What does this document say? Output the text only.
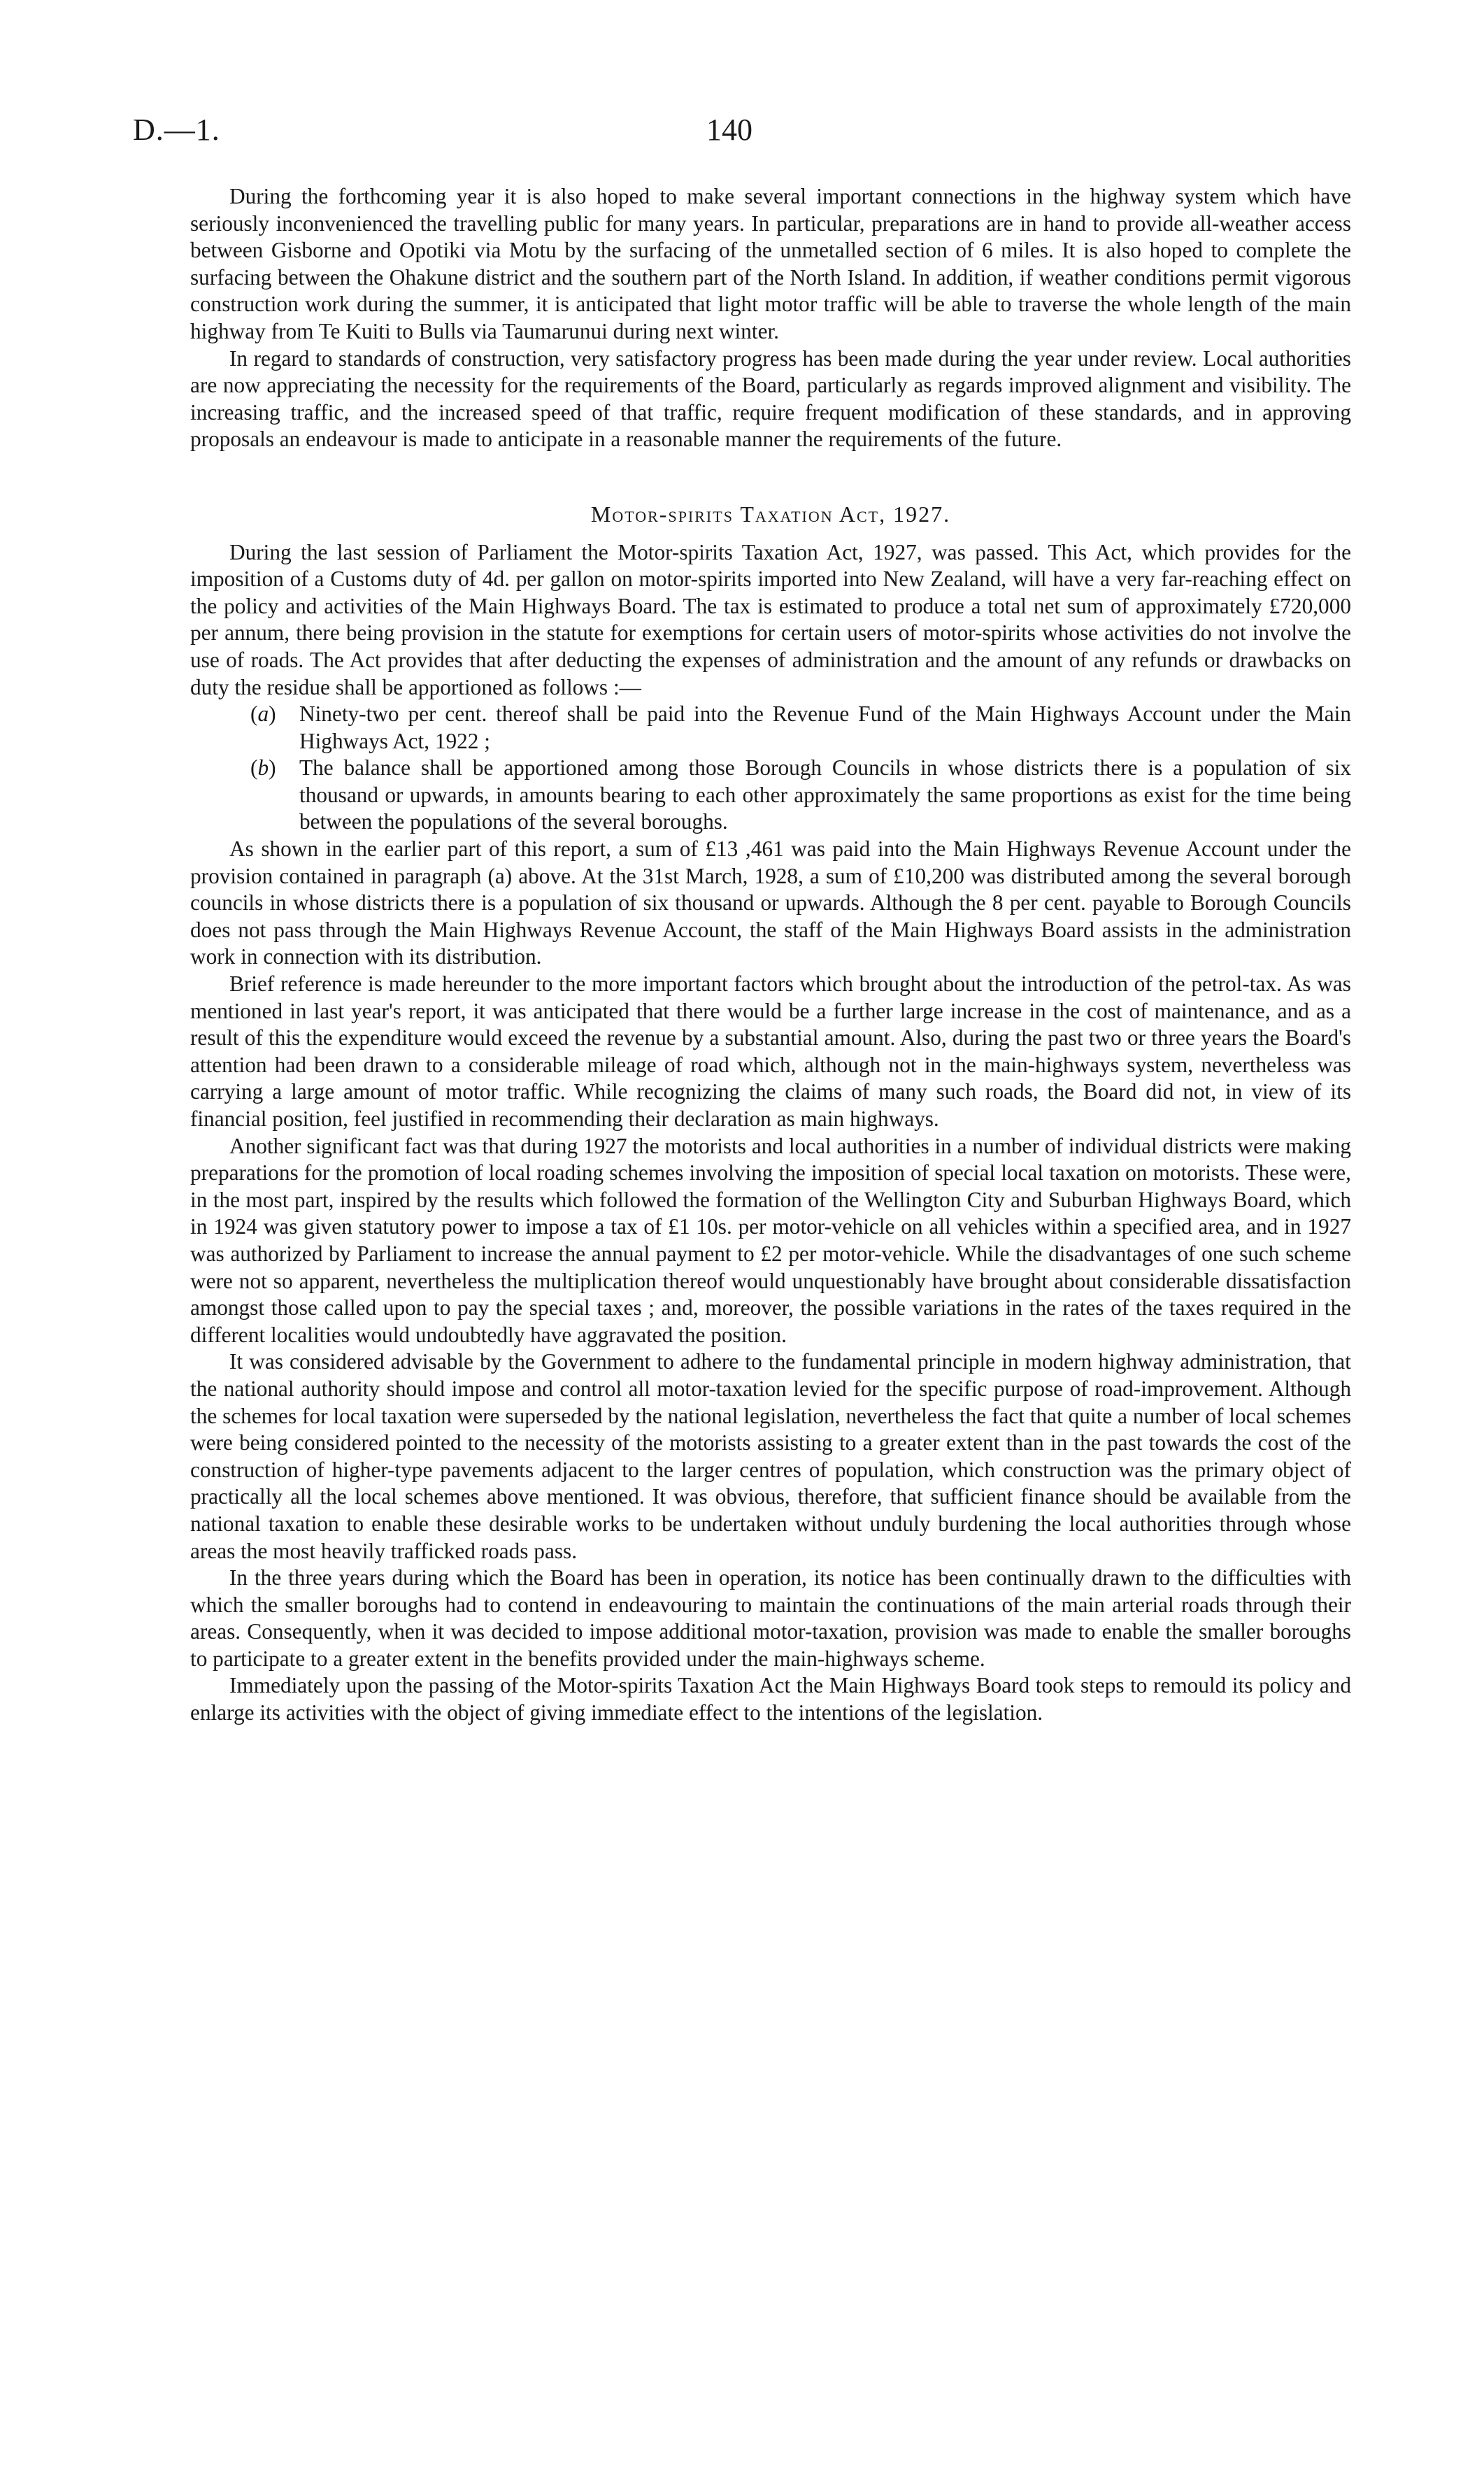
D.—1.	140

During the forthcoming year it is also hoped to make several important connections in the highway system which have seriously inconvenienced the travelling public for many years. In particular, preparations are in hand to provide all-weather access between Gisborne and Opotiki via Motu by the surfacing of the unmetalled section of 6 miles. It is also hoped to complete the surfacing between the Ohakune district and the southern part of the North Island. In addition, if weather conditions permit vigorous construction work during the summer, it is anticipated that light motor traffic will be able to traverse the whole length of the main highway from Te Kuiti to Bulls via Taumarunui during next winter.

In regard to standards of construction, very satisfactory progress has been made during the year under review. Local authorities are now appreciating the necessity for the requirements of the Board, particularly as regards improved alignment and visibility. The increasing traffic, and the increased speed of that traffic, require frequent modification of these standards, and in approving proposals an endeavour is made to anticipate in a reasonable manner the requirements of the future.

Motor-spirits Taxation Act, 1927.

During the last session of Parliament the Motor-spirits Taxation Act, 1927, was passed. This Act, which provides for the imposition of a Customs duty of 4d. per gallon on motor-spirits imported into New Zealand, will have a very far-reaching effect on the policy and activities of the Main Highways Board. The tax is estimated to produce a total net sum of approximately £720,000 per annum, there being provision in the statute for exemptions for certain users of motor-spirits whose activities do not involve the use of roads. The Act provides that after deducting the expenses of administration and the amount of any refunds or drawbacks on duty the residue shall be apportioned as follows :—

(a)	Ninety-two per cent. thereof shall be paid into the Revenue Fund of the Main Highways Account under the Main Highways Act, 1922 ;
(b)	The balance shall be apportioned among those Borough Councils in whose districts there is a population of six thousand or upwards, in amounts bearing to each other approximately the same proportions as exist for the time being between the populations of the several boroughs.

As shown in the earlier part of this report, a sum of £13 ,461 was paid into the Main Highways Revenue Account under the provision contained in paragraph (a) above. At the 31st March, 1928, a sum of £10,200 was distributed among the several borough councils in whose districts there is a population of six thousand or upwards. Although the 8 per cent. payable to Borough Councils does not pass through the Main Highways Revenue Account, the staff of the Main Highways Board assists in the administration work in connection with its distribution.

Brief reference is made hereunder to the more important factors which brought about the introduction of the petrol-tax. As was mentioned in last year's report, it was anticipated that there would be a further large increase in the cost of maintenance, and as a result of this the expenditure would exceed the revenue by a substantial amount. Also, during the past two or three years the Board's attention had been drawn to a considerable mileage of road which, although not in the main-highways system, nevertheless was carrying a large amount of motor traffic. While recognizing the claims of many such roads, the Board did not, in view of its financial position, feel justified in recommending their declaration as main highways.

Another significant fact was that during 1927 the motorists and local authorities in a number of individual districts were making preparations for the promotion of local roading schemes involving the imposition of special local taxation on motorists. These were, in the most part, inspired by the results which followed the formation of the Wellington City and Suburban Highways Board, which in 1924 was given statutory power to impose a tax of £1 10s. per motor-vehicle on all vehicles within a specified area, and in 1927 was authorized by Parliament to increase the annual payment to £2 per motor-vehicle. While the disadvantages of one such scheme were not so apparent, nevertheless the multiplication thereof would unquestionably have brought about considerable dissatisfaction amongst those called upon to pay the special taxes ; and, moreover, the possible variations in the rates of the taxes required in the different localities would undoubtedly have aggravated the position.

It was considered advisable by the Government to adhere to the fundamental principle in modern highway administration, that the national authority should impose and control all motor-taxation levied for the specific purpose of road-improvement. Although the schemes for local taxation were superseded by the national legislation, nevertheless the fact that quite a number of local schemes were being considered pointed to the necessity of the motorists assisting to a greater extent than in the past towards the cost of the construction of higher-type pavements adjacent to the larger centres of population, which construction was the primary object of practically all the local schemes above mentioned. It was obvious, therefore, that sufficient finance should be available from the national taxation to enable these desirable works to be undertaken without unduly burdening the local authorities through whose areas the most heavily trafficked roads pass.

In the three years during which the Board has been in operation, its notice has been continually drawn to the difficulties with which the smaller boroughs had to contend in endeavouring to maintain the continuations of the main arterial roads through their areas. Consequently, when it was decided to impose additional motor-taxation, provision was made to enable the smaller boroughs to participate to a greater extent in the benefits provided under the main-highways scheme.

Immediately upon the passing of the Motor-spirits Taxation Act the Main Highways Board took steps to remould its policy and enlarge its activities with the object of giving immediate effect to the intentions of the legislation.
